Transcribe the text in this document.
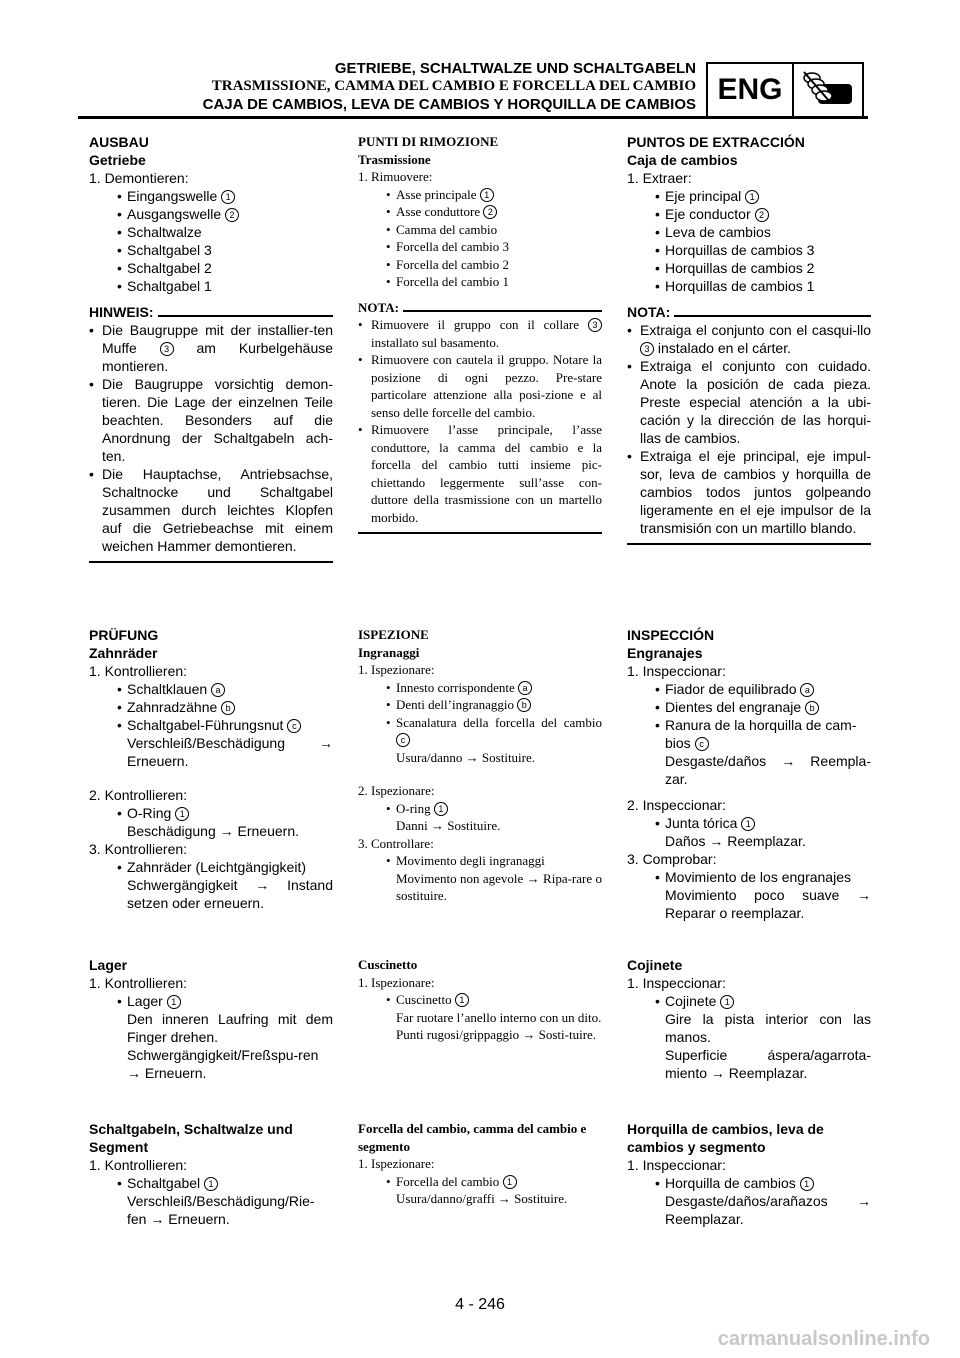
GETRIEBE, SCHALTWALZE UND SCHALTGABELN
TRASMISSIONE, CAMMA DEL CAMBIO E FORCELLA DEL CAMBIO
CAJA DE CAMBIOS, LEVA DE CAMBIOS Y HORQUILLA DE CAMBIOS ENG
AUSBAU
Getriebe
1. Demontieren:
• Eingangswelle 1
• Ausgangswelle 2
• Schaltwalze
• Schaltgabel 3
• Schaltgabel 2
• Schaltgabel 1
HINWEIS:
• Die Baugruppe mit der installier-ten Muffe	3 am Kurbelgehäuse montieren.
• Die Baugruppe vorsichtig demon-tieren. Die Lage der einzelnen Teile beachten. Besonders auf die Anordnung der Schaltgabeln ach-ten.
• Die Hauptachse, Antriebsachse, Schaltnocke und Schaltgabel zusammen durch leichtes Klopfen auf die Getriebeachse mit einem weichen Hammer demontieren.
PRÜFUNG
Zahnräder
1. Kontrollieren:
• Schaltklauen a
• Zahnradzähne b
• Schaltgabel-Führungsnut c
Verschleiß/Beschädigung → Erneuern.
2. Kontrollieren:
• O-Ring 1
Beschädigung → Erneuern.
3. Kontrollieren:
• Zahnräder (Leichtgängigkeit)
Schwergängigkeit → Instand setzen oder erneuern.
Lager
1. Kontrollieren:
• Lager 1
Den inneren Laufring mit dem Finger drehen.
Schwergängigkeit/Freßspu-ren → Erneuern.
Schaltgabeln, Schaltwalze und Segment
1. Kontrollieren:
• Schaltgabel 1
Verschleiß/Beschädigung/Rie-fen → Erneuern.
PUNTI DI RIMOZIONE
Trasmissione
1. Rimuovere:
• Asse principale 1
• Asse conduttore 2
• Camma del cambio
• Forcella del cambio 3
• Forcella del cambio 2
• Forcella del cambio 1
NOTA:
• Rimuovere il gruppo con il collare 3 installato sul basamento.
• Rimuovere con cautela il gruppo. Notare la posizione di ogni pezzo. Pre-stare particolare attenzione alla posi-zione e al senso delle forcelle del cambio.
• Rimuovere l’asse principale, l’asse conduttore, la camma del cambio e la forcella del cambio tutti insieme pic-chiettando leggermente sull’asse con-duttore della trasmissione con un martello morbido.
ISPEZIONE
Ingranaggi
1. Ispezionare:
• Innesto corrispondente a
• Denti dell’ingranaggio b
• Scanalatura della forcella del cambio c
Usura/danno → Sostituire.
2. Ispezionare:
• O-ring 1
Danni → Sostituire.
3. Controllare:
• Movimento degli ingranaggi
Movimento non agevole → Ripa-rare o sostituire.
Cuscinetto
1. Ispezionare:
• Cuscinetto 1
Far ruotare l’anello interno con un dito.
Punti rugosi/grippaggio → Sosti-tuire.
Forcella del cambio, camma del cambio e segmento
1. Ispezionare:
• Forcella del cambio 1
Usura/danno/graffi → Sostituire.
PUNTOS DE EXTRACCIÓN
Caja de cambios
1. Extraer:
• Eje principal 1
• Eje conductor 2
• Leva de cambios
• Horquillas de cambios 3
• Horquillas de cambios 2
• Horquillas de cambios 1
NOTA:
• Extraiga el conjunto con el casqui-llo 3 instalado en el cárter.
• Extraiga el conjunto con cuidado. Anote la posición de cada pieza. Preste especial atención a la ubi-cación y la dirección de las horqui-llas de cambios.
• Extraiga el eje principal, eje impul-sor, leva de cambios y horquilla de cambios todos juntos golpeando ligeramente en el eje impulsor de la transmisión con un martillo blando.
INSPECCIÓN
Engranajes
1. Inspeccionar:
• Fiador de equilibrado a
• Dientes del engranaje b
• Ranura de la horquilla de cam-bios c
Desgaste/daños → Reempla-zar.
2. Inspeccionar:
• Junta tórica 1
Daños → Reemplazar.
3. Comprobar:
• Movimiento de los engranajes
Movimiento poco suave → Reparar o reemplazar.
Cojinete
1. Inspeccionar:
• Cojinete 1
Gire la pista interior con las manos.
Superficie áspera/agarrota-miento → Reemplazar.
Horquilla de cambios, leva de cambios y segmento
1. Inspeccionar:
• Horquilla de cambios 1
Desgaste/daños/arañazos → Reemplazar.
4 - 246
carmanualsonline.info
